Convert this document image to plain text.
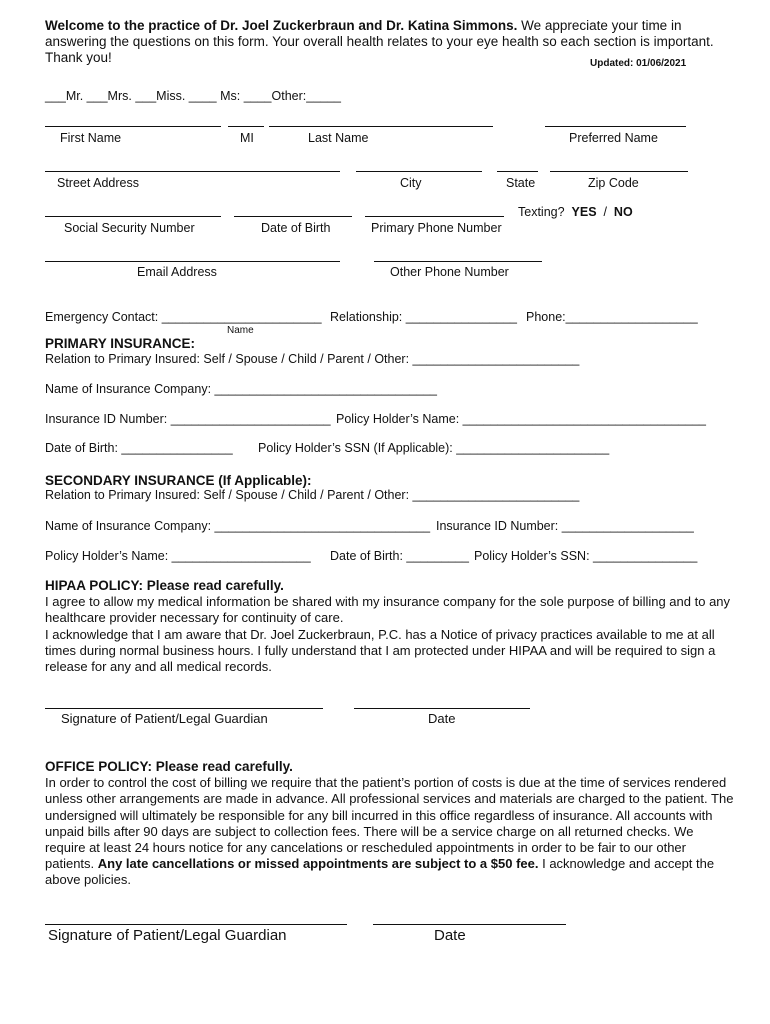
Welcome to the practice of Dr. Joel Zuckerbraun and Dr. Katina Simmons. We appreciate your time in answering the questions on this form. Your overall health relates to your eye health so each section is important. Thank you!	Updated: 01/06/2021
___Mr. ___Mrs. ___Miss. ____ Ms: ____Other:_____
First Name	MI	Last Name	Preferred Name
Street Address	City	State	Zip Code
Social Security Number	Date of Birth	Primary Phone Number
Texting? YES / NO
Email Address	Other Phone Number
Emergency Contact: _______________________ Relationship: ________________ Phone:___________________
Name
PRIMARY INSURANCE:
Relation to Primary Insured: Self / Spouse / Child / Parent / Other: ________________________
Name of Insurance Company: ________________________________
Insurance ID Number: _______________________ Policy Holder’s Name: ___________________________________
Date of Birth: ________________ Policy Holder’s SSN (If Applicable): ______________________
SECONDARY INSURANCE (If Applicable):
Relation to Primary Insured: Self / Spouse / Child / Parent / Other: ________________________
Name of Insurance Company: _______________________________ Insurance ID Number: ___________________
Policy Holder’s Name: ____________________ Date of Birth: _________ Policy Holder’s SSN: _______________

HIPAA POLICY: Please read carefully.

I agree to allow my medical information be shared with my insurance company for the sole purpose of billing and to any healthcare provider necessary for continuity of care.

I acknowledge that I am aware that Dr. Joel Zuckerbraun, P.C. has a Notice of privacy practices available to me at all times during normal business hours. I fully understand that I am protected under HIPAA and will be required to sign a release for any and all medical records.

Signature of Patient/Legal Guardian	Date

OFFICE POLICY: Please read carefully.

In order to control the cost of billing we require that the patient’s portion of costs is due at the time of services rendered unless other arrangements are made in advance. All professional services and materials are charged to the patient. The undersigned will ultimately be responsible for any bill incurred in this office regardless of insurance. All accounts with unpaid bills after 90 days are subject to collection fees. There will be a service charge on all returned checks. We require at least 24 hours notice for any cancelations or rescheduled appointments in order to be fair to our other patients. Any late cancellations or missed appointments are subject to a $50 fee. I acknowledge and accept the above policies.

Signature of Patient/Legal Guardian	Date
